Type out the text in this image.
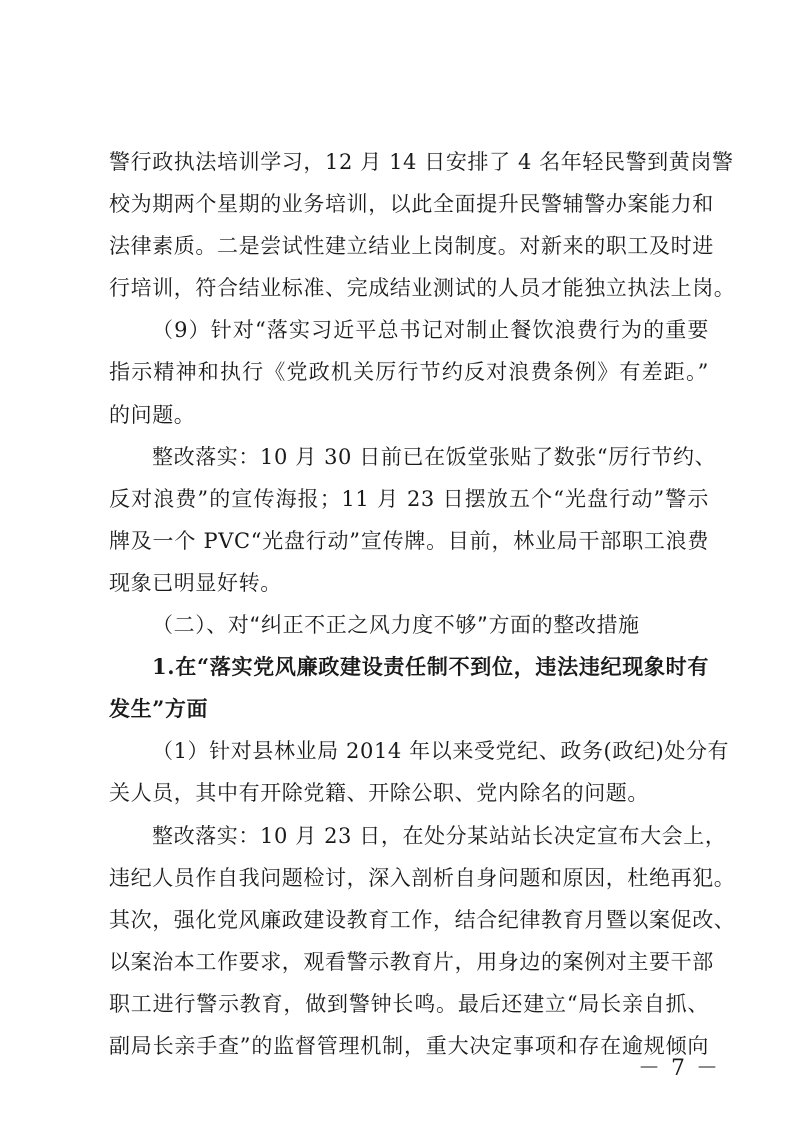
警行政执法培训学习，12 月 14 日安排了 4 名年轻民警到黄岗警
校为期两个星期的业务培训，以此全面提升民警辅警办案能力和
法律素质。二是尝试性建立结业上岗制度。对新来的职工及时进
行培训，符合结业标准、完成结业测试的人员才能独立执法上岗。
（9）针对“落实习近平总书记对制止餐饮浪费行为的重要
指示精神和执行《党政机关厉行节约反对浪费条例》有差距。”
的问题。
整改落实：10 月 30 日前已在饭堂张贴了数张“厉行节约、
反对浪费”的宣传海报；11 月 23 日摆放五个“光盘行动”警示
牌及一个 PVC“光盘行动”宣传牌。目前，林业局干部职工浪费
现象已明显好转。
（二）、对“纠正不正之风力度不够”方面的整改措施
1.在“落实党风廉政建设责任制不到位，违法违纪现象时有
发生”方面
（1）针对县林业局 2014 年以来受党纪、政务(政纪)处分有
关人员，其中有开除党籍、开除公职、党内除名的问题。
整改落实：10 月 23 日，在处分某站站长决定宣布大会上，
违纪人员作自我问题检讨，深入剖析自身问题和原因，杜绝再犯。
其次，强化党风廉政建设教育工作，结合纪律教育月暨以案促改、
以案治本工作要求，观看警示教育片，用身边的案例对主要干部
职工进行警示教育，做到警钟长鸣。最后还建立“局长亲自抓、
副局长亲手查”的监督管理机制，重大决定事项和存在逾规倾向
－ 7 －
